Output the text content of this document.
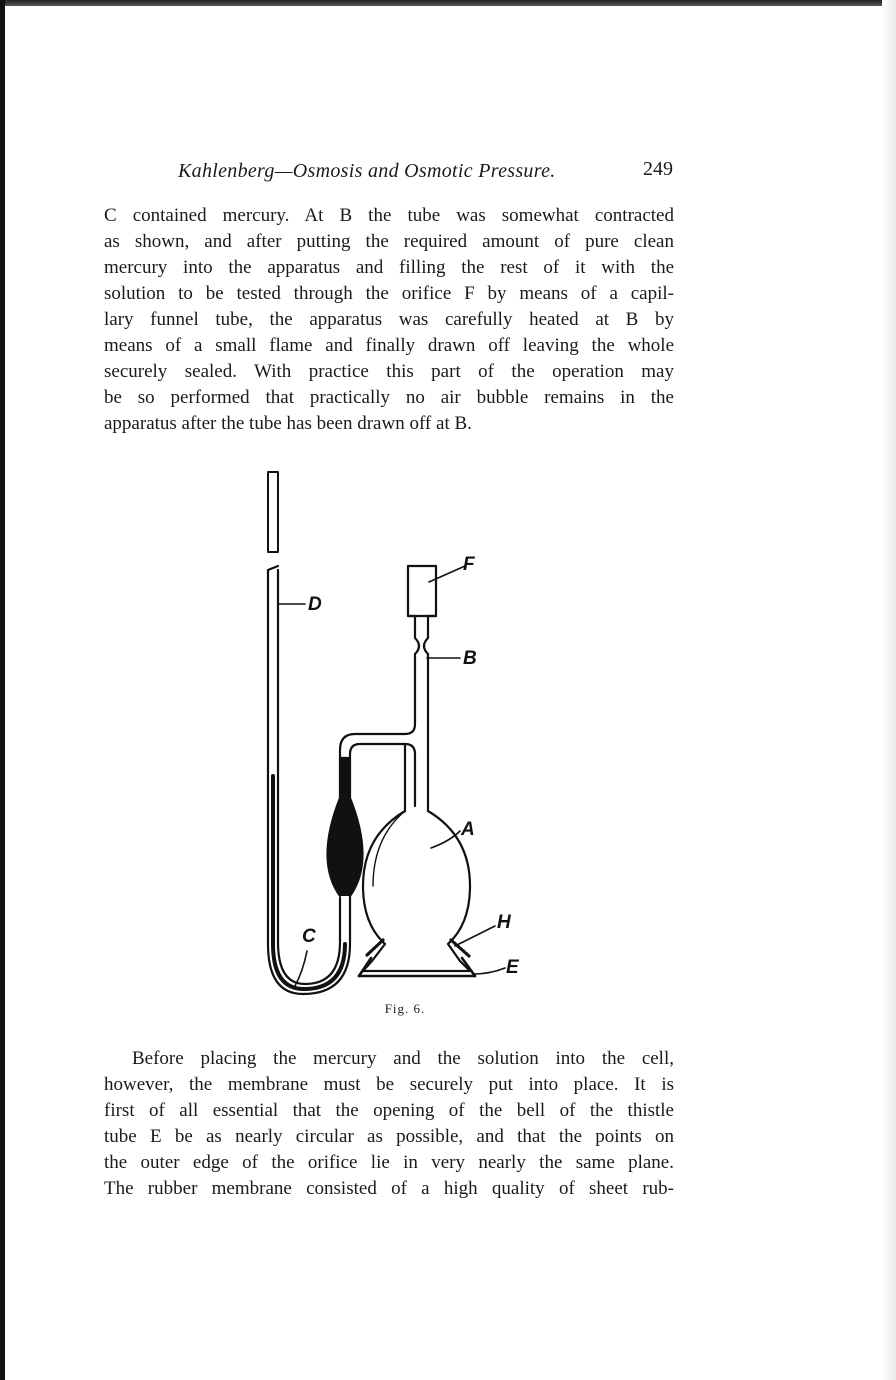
Kahlenberg—Osmosis and Osmotic Pressure.	249
C contained mercury. At B the tube was somewhat contracted
as shown, and after putting the required amount of pure clean
mercury into the apparatus and filling the rest of it with the
solution to be tested through the orifice F by means of a capil-
lary funnel tube, the apparatus was carefully heated at B by
means of a small flame and finally drawn off leaving the whole
securely sealed. With practice this part of the operation may
be so performed that practically no air bubble remains in the
apparatus after the tube has been drawn off at B.
F
D
B
A
H
C
E
Fig. 6.
Before placing the mercury and the solution into the cell,
however, the membrane must be securely put into place. It is
first of all essential that the opening of the bell of the thistle
tube E be as nearly circular as possible, and that the points on
the outer edge of the orifice lie in very nearly the same plane.
The rubber membrane consisted of a high quality of sheet rub-
